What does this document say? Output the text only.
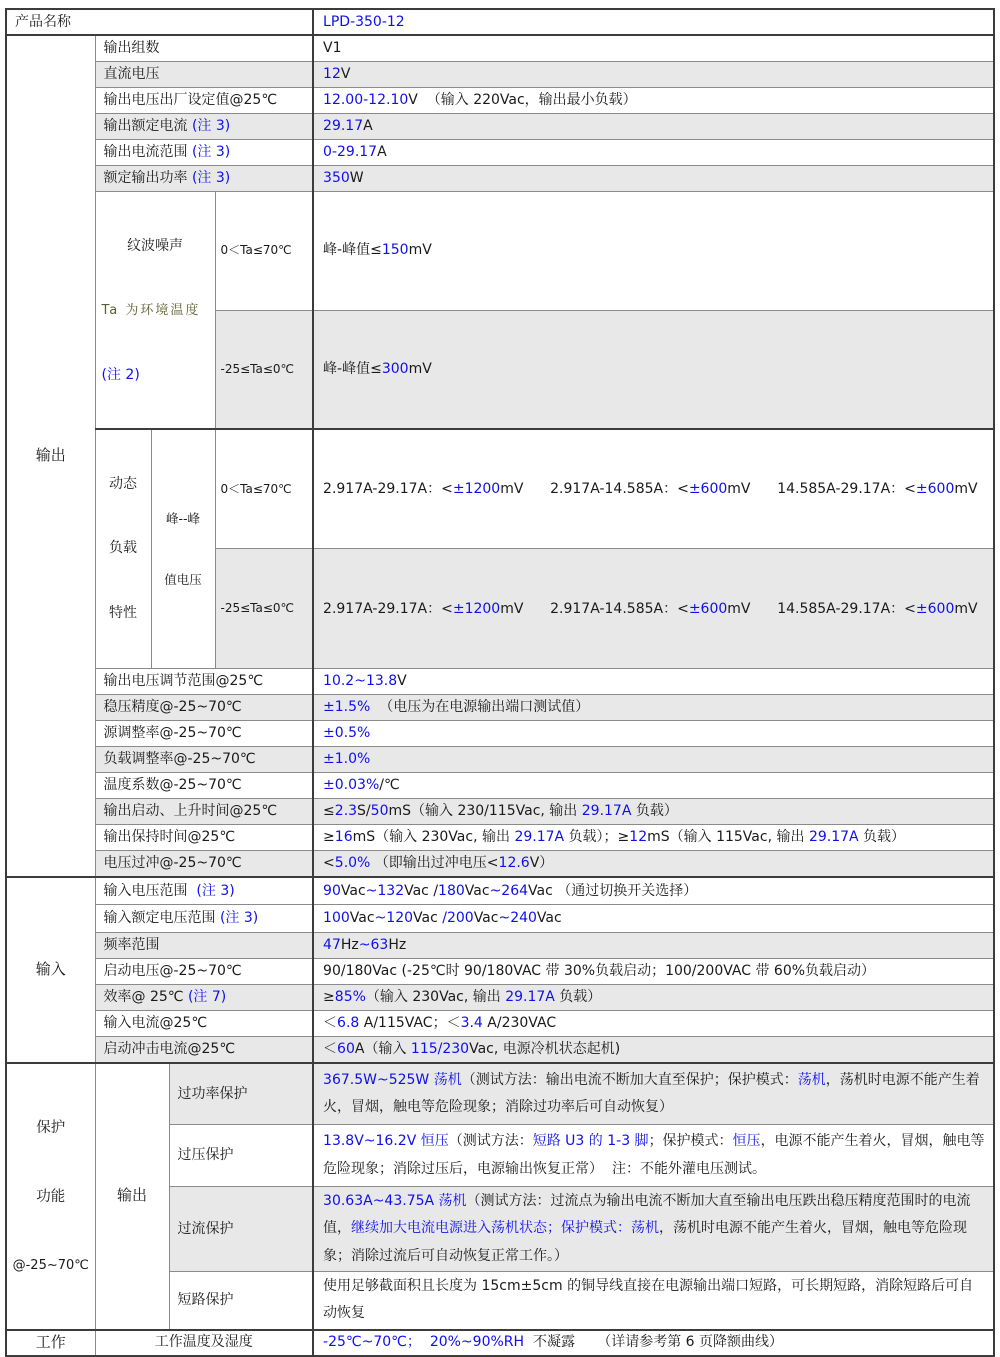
产品名称					LPD-350-12
输出	输出组数				V1
	直流电压				12V
	输出电压出厂设定值@25℃				12.00-12.10V  （输入 220Vac，输出最小负载）
	输出额定电流 (注 3)				29.17A
	输出电流范围 (注 3)				0-29.17A
	额定输出功率 (注 3)				350W

	纹波噪声

Ta 为环境温度

(注 2)			0＜Ta≤70℃	峰-峰值≤150mV
				-25≤Ta≤0℃	峰-峰值≤300mV

动态

负载

特性

峰--峰

值电压

	0＜Ta≤70℃	2.917A-29.17A：<±1200mV      2.917A-14.585A：<±600mV      14.585A-29.17A：<±600mV
				-25≤Ta≤0℃	2.917A-29.17A：<±1200mV      2.917A-14.585A：<±600mV      14.585A-29.17A：<±600mV
	输出电压调节范围@25℃				10.2~13.8V
	稳压精度@-25~70℃				±1.5%  （电压为在电源输出端口测试值）
	源调整率@-25~70℃				±0.5%
	负载调整率@-25~70℃				±1.0%
	温度系数@-25~70℃				±0.03%/℃
	输出启动、上升时间@25℃				≤2.3S/50mS（输入 230/115Vac, 输出 29.17A 负载）
	输出保持时间@25℃				≥16mS（输入 230Vac, 输出 29.17A 负载）；≥12mS（输入 115Vac, 输出 29.17A 负载）
	电压过冲@-25~70℃				<5.0% （即输出过冲电压<12.6V）
输入	输入电压范围  (注 3)				90Vac~132Vac /180Vac~264Vac （通过切换开关选择）
	输入额定电压范围 (注 3)				100Vac~120Vac /200Vac~240Vac
	频率范围				47Hz~63Hz
	启动电压@-25~70℃				90/180Vac (-25℃时 90/180VAC 带 30%负载启动；100/200VAC 带 60%负载启动）
	效率@ 25℃ (注 7)				≥85%（输入 230Vac, 输出 29.17A 负载）
	输入电流@25℃				＜6.8 A/115VAC；＜3.4 A/230VAC
	启动冲击电流@25℃				＜60A（输入 115/230Vac, 电源冷机状态起机)

保护

功能

@-25~70℃	输出		过功率保护		367.5W~525W 荡机（测试方法：输出电流不断加大直至保护；保护模式：荡机，荡机时电源不能产生着火，冒烟，触电等危险现象；消除过功率后可自动恢复）
			过压保护		13.8V~16.2V 恒压（测试方法：短路 U3 的 1-3 脚；保护模式：恒压，电源不能产生着火，冒烟，触电等危险现象；消除过压后，电源输出恢复正常）  注：不能外灌电压测试。
			过流保护		30.63A~43.75A 荡机（测试方法：过流点为输出电流不断加大直至输出电压跌出稳压精度范围时的电流值，继续加大电流电源进入荡机状态；保护模式：荡机，荡机时电源不能产生着火，冒烟，触电等危险现象；消除过流后可自动恢复正常工作。）
			短路保护		使用足够截面积且长度为 15cm±5cm 的铜导线直接在电源输出端口短路，可长期短路，消除短路后可自动恢复
工作	工作温度及湿度				-25℃~70℃； 20%~90%RH  不凝露     （详请参考第 6 页降额曲线）
